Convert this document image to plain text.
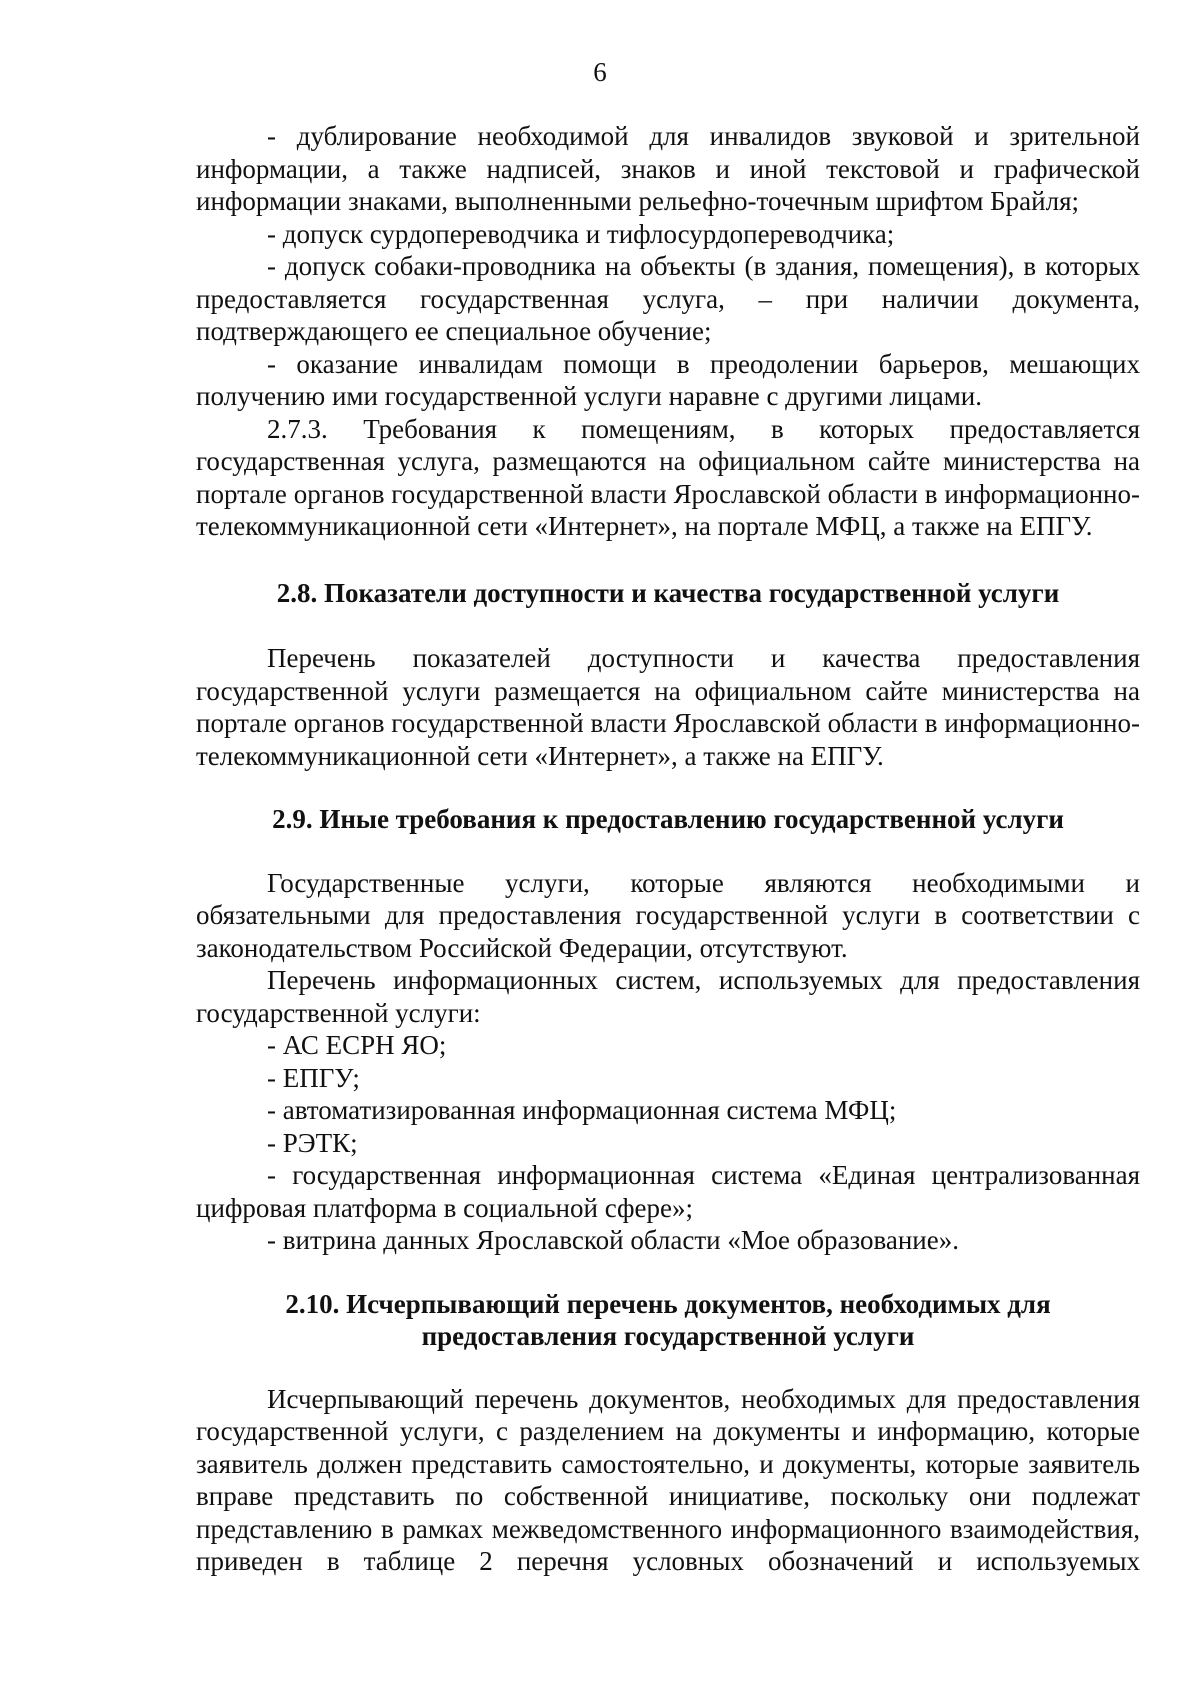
6

- дублирование необходимой для инвалидов звуковой и зрительной информации, а также надписей, знаков и иной текстовой и графической информации знаками, выполненными рельефно-точечным шрифтом Брайля;

- допуск сурдопереводчика и тифлосурдопереводчика;

- допуск собаки-проводника на объекты (в здания, помещения), в которых предоставляется государственная услуга, – при наличии документа, подтверждающего ее специальное обучение;

- оказание инвалидам помощи в преодолении барьеров, мешающих получению ими государственной услуги наравне с другими лицами.

2.7.3. Требования к помещениям, в которых предоставляется государственная услуга, размещаются на официальном сайте министерства на портале органов государственной власти Ярославской области в информационно-телекоммуникационной сети «Интернет», на портале МФЦ, а также на ЕПГУ.

2.8. Показатели доступности и качества государственной услуги

Перечень показателей доступности и качества предоставления государственной услуги размещается на официальном сайте министерства на портале органов государственной власти Ярославской области в информационно-телекоммуникационной сети «Интернет», а также на ЕПГУ.

2.9. Иные требования к предоставлению государственной услуги

Государственные услуги, которые являются необходимыми и обязательными для предоставления государственной услуги в соответствии с законодательством Российской Федерации, отсутствуют.

Перечень информационных систем, используемых для предоставления государственной услуги:

- АС ЕСРН ЯО;

- ЕПГУ;

- автоматизированная информационная система МФЦ;

- РЭТК;

- государственная информационная система «Единая централизованная цифровая платформа в социальной сфере»;

- витрина данных Ярославской области «Мое образование».

2.10. Исчерпывающий перечень документов, необходимых для предоставления государственной услуги

Исчерпывающий перечень документов, необходимых для предоставления государственной услуги, с разделением на документы и информацию, которые заявитель должен представить самостоятельно, и документы, которые заявитель вправе представить по собственной инициативе, поскольку они подлежат представлению в рамках межведомственного информационного взаимодействия, приведен в таблице 2 перечня условных обозначений и используемых
